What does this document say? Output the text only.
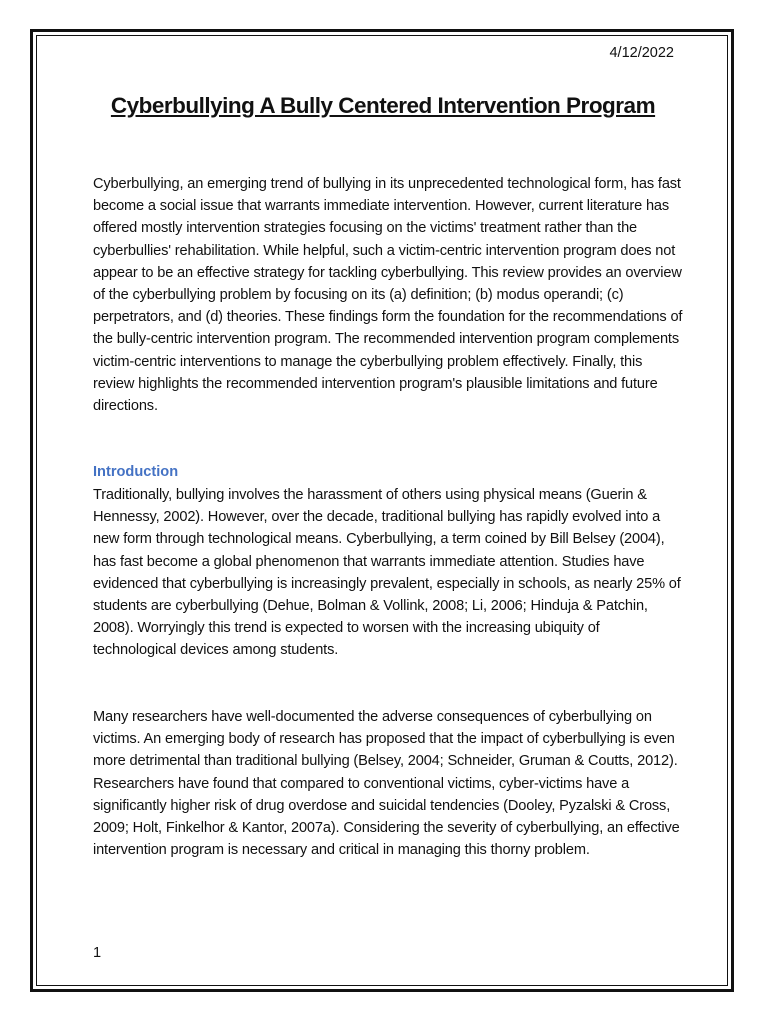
4/12/2022
Cyberbullying A Bully Centered Intervention Program

Cyberbullying, an emerging trend of bullying in its unprecedented technological form, has fast become a social issue that warrants immediate intervention. However, current literature has offered mostly intervention strategies focusing on the victims' treatment rather than the cyberbullies' rehabilitation. While helpful, such a victim-centric intervention program does not appear to be an effective strategy for tackling cyberbullying. This review provides an overview of the cyberbullying problem by focusing on its (a) definition; (b) modus operandi; (c) perpetrators, and (d) theories. These findings form the foundation for the recommendations of the bully-centric intervention program. The recommended intervention program complements victim-centric interventions to manage the cyberbullying problem effectively. Finally, this review highlights the recommended intervention program's plausible limitations and future directions.

Introduction

Traditionally, bullying involves the harassment of others using physical means (Guerin & Hennessy, 2002). However, over the decade, traditional bullying has rapidly evolved into a new form through technological means. Cyberbullying, a term coined by Bill Belsey (2004), has fast become a global phenomenon that warrants immediate attention. Studies have evidenced that cyberbullying is increasingly prevalent, especially in schools, as nearly 25% of students are cyberbullying (Dehue, Bolman & Vollink, 2008; Li, 2006; Hinduja & Patchin, 2008). Worryingly this trend is expected to worsen with the increasing ubiquity of technological devices among students.

Many researchers have well-documented the adverse consequences of cyberbullying on victims. An emerging body of research has proposed that the impact of cyberbullying is even more detrimental than traditional bullying (Belsey, 2004; Schneider, Gruman & Coutts, 2012). Researchers have found that compared to conventional victims, cyber-victims have a significantly higher risk of drug overdose and suicidal tendencies (Dooley, Pyzalski & Cross, 2009; Holt, Finkelhor & Kantor, 2007a). Considering the severity of cyberbullying, an effective intervention program is necessary and critical in managing this thorny problem.

1
